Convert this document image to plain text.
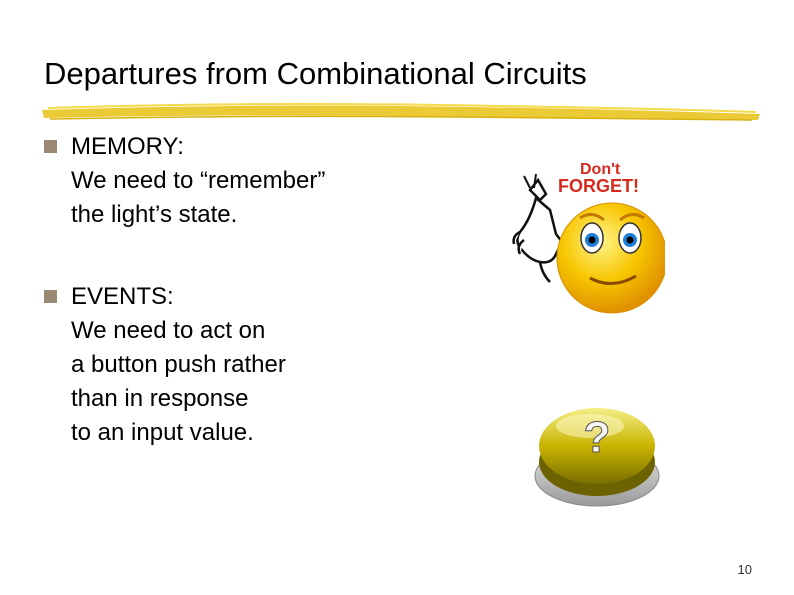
Departures from Combinational Circuits
MEMORY:
We need to “remember”
the light’s state.
EVENTS:
We need to act on
a button push rather
than in response
to an input value.
Don't
FORGET!
?
10
